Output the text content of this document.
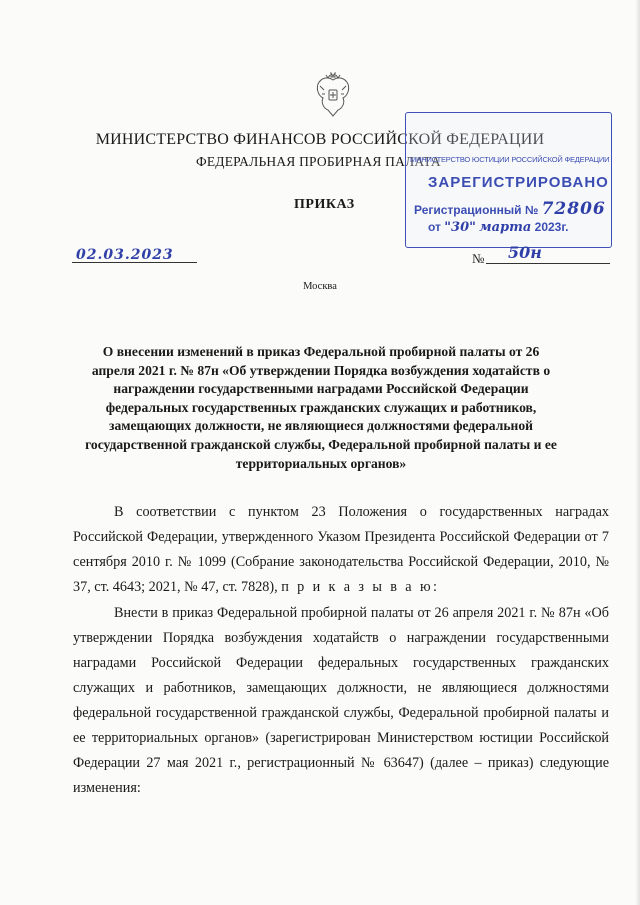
МИНИСТЕРСТВО ФИНАНСОВ РОССИЙСКОЙ ФЕДЕРАЦИИ
ФЕДЕРАЛЬНАЯ ПРОБИРНАЯ ПАЛАТА
ПРИКАЗ
МИНИСТЕРСТВО ЮСТИЦИИ РОССИЙСКОЙ ФЕДЕРАЦИИ
ЗАРЕГИСТРИРОВАНО
Регистрационный № 72806
от "30" марта 2023г.
02.03.2023	№ 50н
Москва
О внесении изменений в приказ Федеральной пробирной палаты от 26 апреля 2021 г. № 87н «Об утверждении Порядка возбуждения ходатайств о награждении государственными наградами Российской Федерации федеральных государственных гражданских служащих и работников, замещающих должности, не являющиеся должностями федеральной государственной гражданской службы, Федеральной пробирной палаты и ее территориальных органов»
В соответствии с пунктом 23 Положения о государственных наградах Российской Федерации, утвержденного Указом Президента Российской Федерации от 7 сентября 2010 г. № 1099 (Собрание законодательства Российской Федерации, 2010, № 37, ст. 4643; 2021, № 47, ст. 7828), п р и к а з ы в а ю:
Внести в приказ Федеральной пробирной палаты от 26 апреля 2021 г. № 87н «Об утверждении Порядка возбуждения ходатайств о награждении государственными наградами Российской Федерации федеральных государственных гражданских служащих и работников, замещающих должности, не являющиеся должностями федеральной государственной гражданской службы, Федеральной пробирной палаты и ее территориальных органов» (зарегистрирован Министерством юстиции Российской Федерации 27 мая 2021 г., регистрационный № 63647) (далее – приказ) следующие изменения:
